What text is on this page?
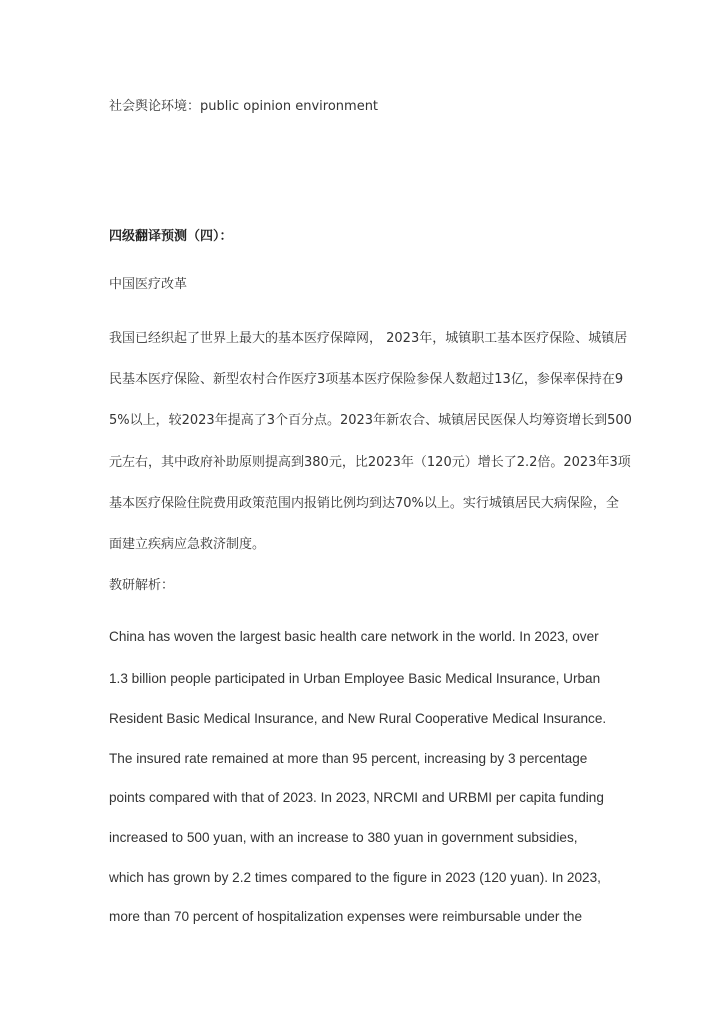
社会舆论环境：public opinion environment
四级翻译预测（四）：
中国医疗改革
我国已经织起了世界上最大的基本医疗保障网， 2023年，城镇职工基本医疗保险、城镇居
民基本医疗保险、新型农村合作医疗3项基本医疗保险参保人数超过13亿，参保率保持在9
5%以上，较2023年提高了3个百分点。2023年新农合、城镇居民医保人均筹资增长到500
元左右，其中政府补助原则提高到380元，比2023年（120元）增长了2.2倍。2023年3项
基本医疗保险住院费用政策范围内报销比例均到达70%以上。实行城镇居民大病保险，全
面建立疾病应急救济制度。
教研解析：
China has woven the largest basic health care network in the world. In 2023, over
1.3 billion people participated in Urban Employee Basic Medical Insurance, Urban
Resident Basic Medical Insurance, and New Rural Cooperative Medical Insurance.
The insured rate remained at more than 95 percent, increasing by 3 percentage
points compared with that of 2023. In 2023, NRCMI and URBMI per capita funding
increased to 500 yuan, with an increase to 380 yuan in government subsidies,
which has grown by 2.2 times compared to the figure in 2023 (120 yuan). In 2023,
more than 70 percent of hospitalization expenses were reimbursable under the
